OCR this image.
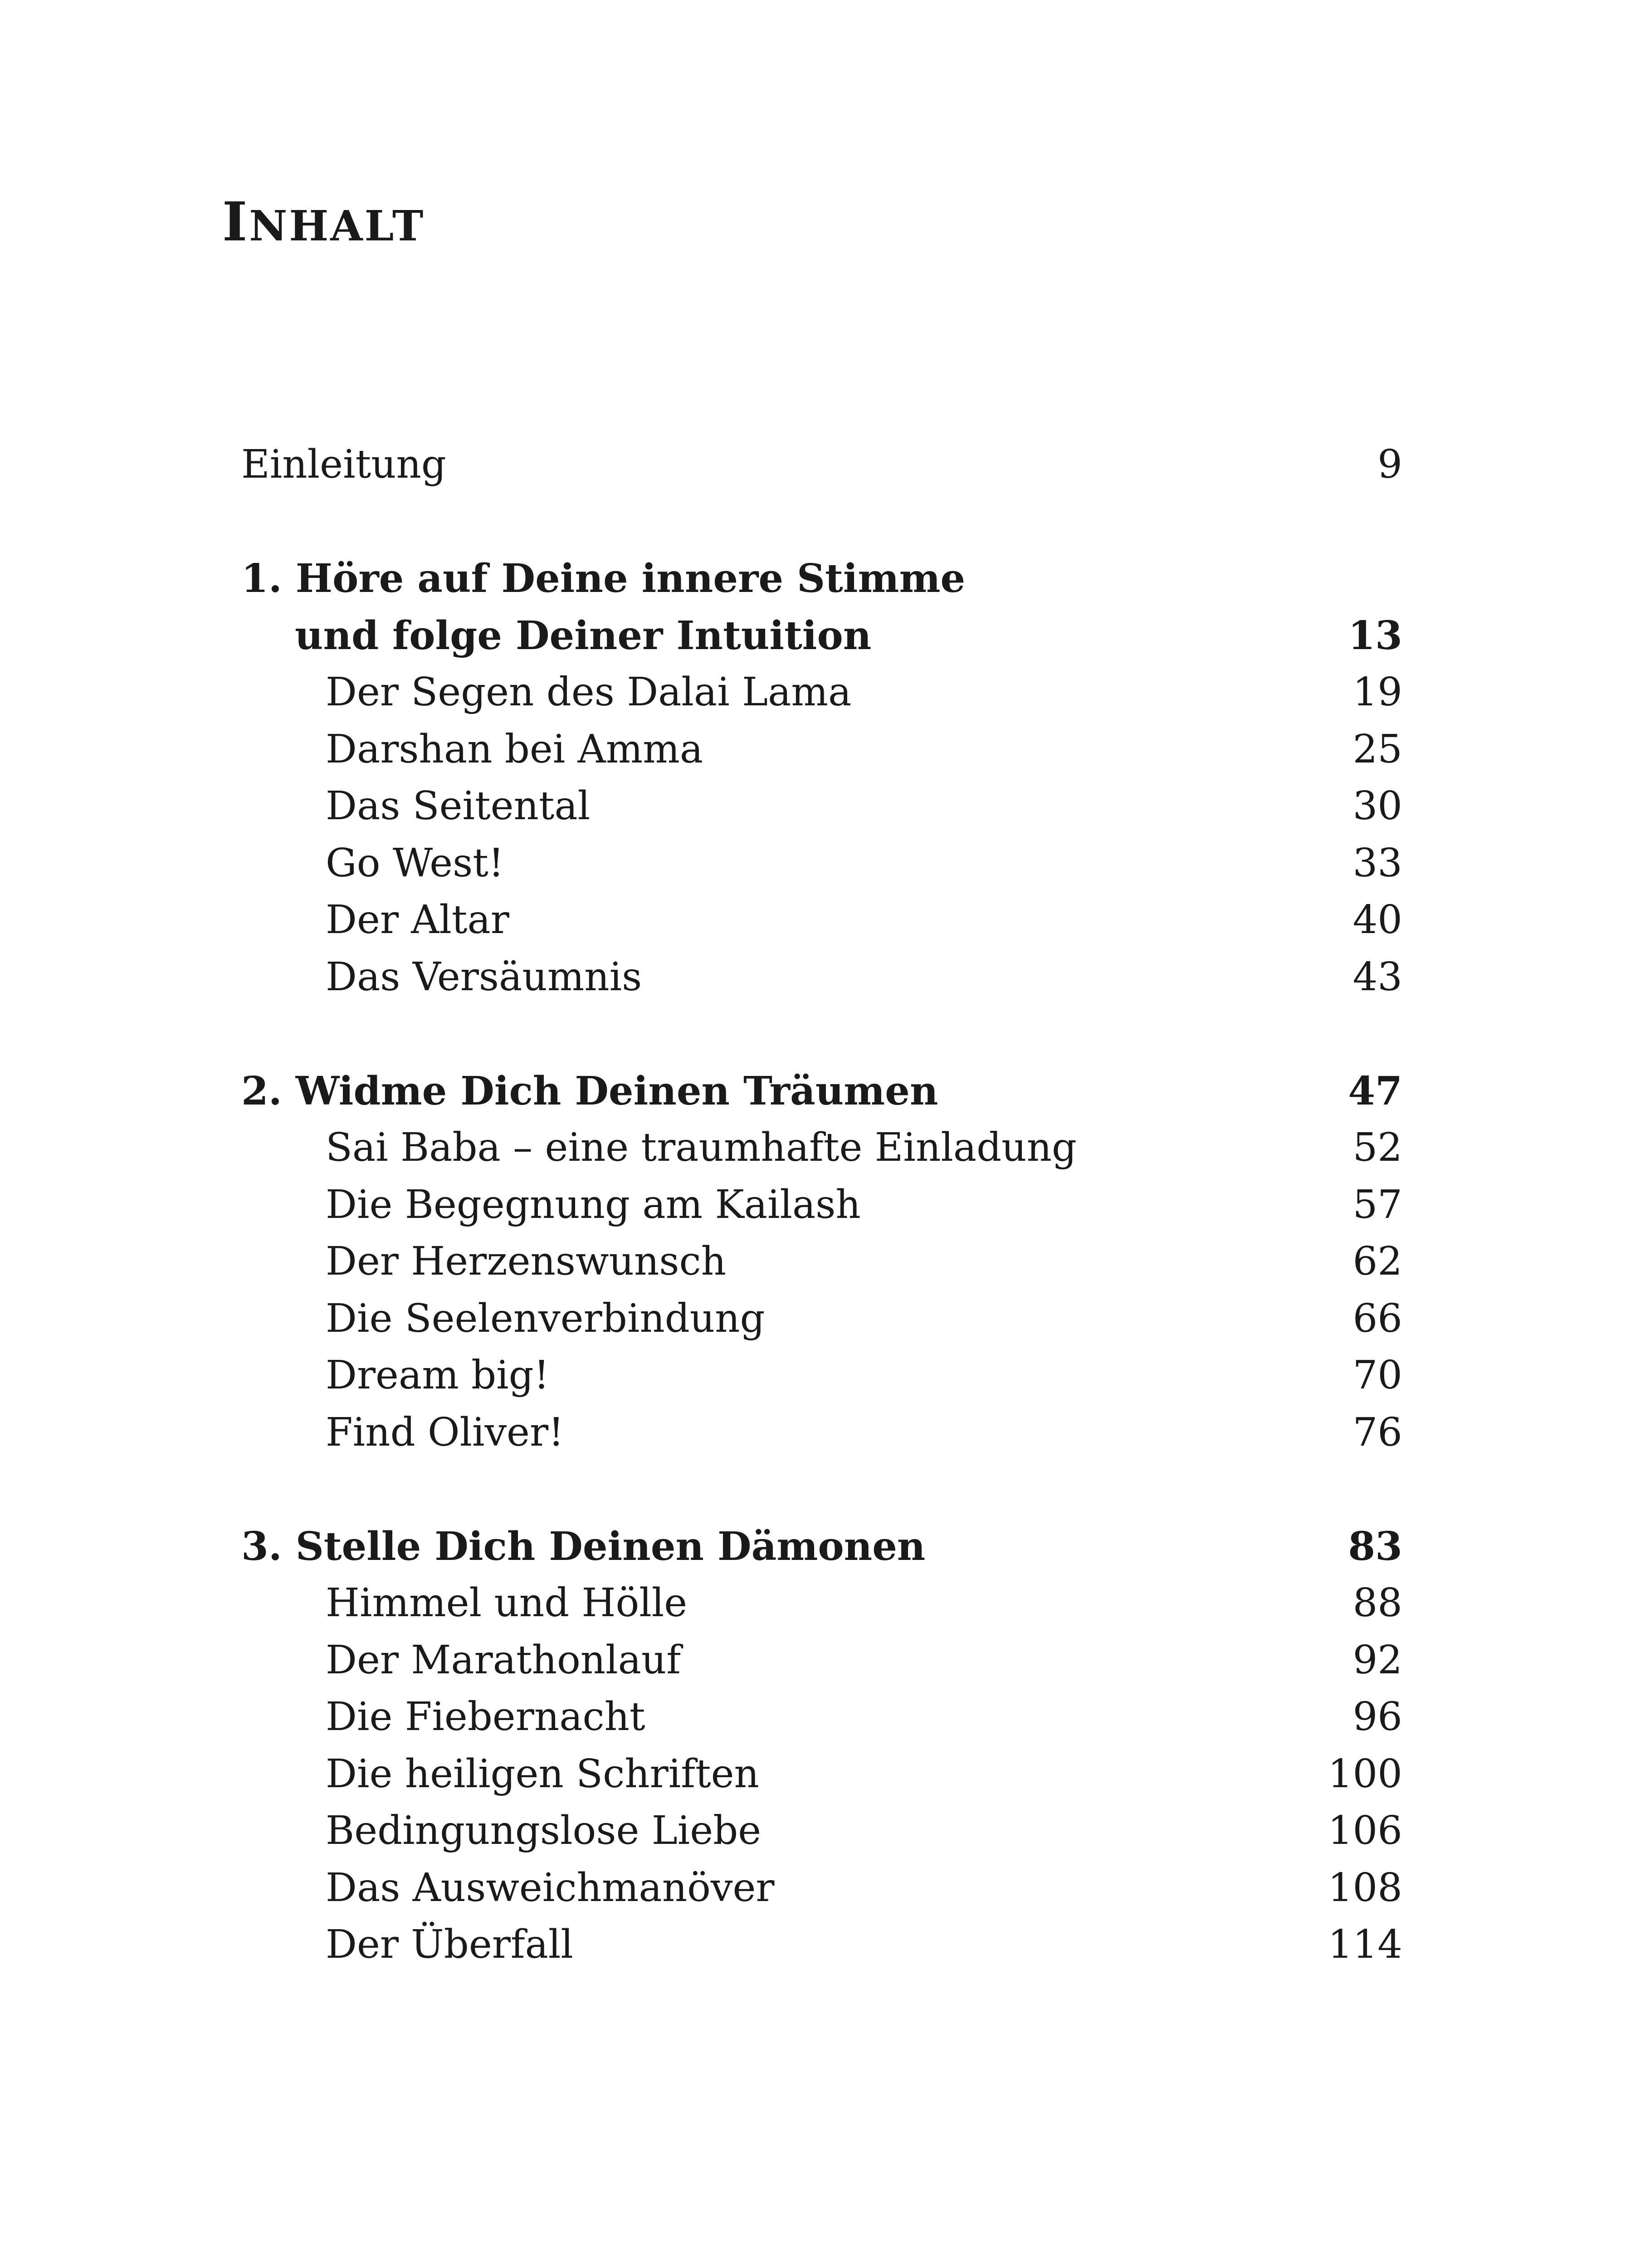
INHALT
Einleitung	9
1. Höre auf Deine innere Stimme
und folge Deiner Intuition	13
Der Segen des Dalai Lama	19
Darshan bei Amma	25
Das Seitental	30
Go West!	33
Der Altar	40
Das Versäumnis	43
2. Widme Dich Deinen Träumen	47
Sai Baba – eine traumhafte Einladung	52
Die Begegnung am Kailash	57
Der Herzenswunsch	62
Die Seelenverbindung	66
Dream big!	70
Find Oliver!	76
3. Stelle Dich Deinen Dämonen	83
Himmel und Hölle	88
Der Marathonlauf	92
Die Fiebernacht	96
Die heiligen Schriften	100
Bedingungslose Liebe	106
Das Ausweichmanöver	108
Der Überfall	114
